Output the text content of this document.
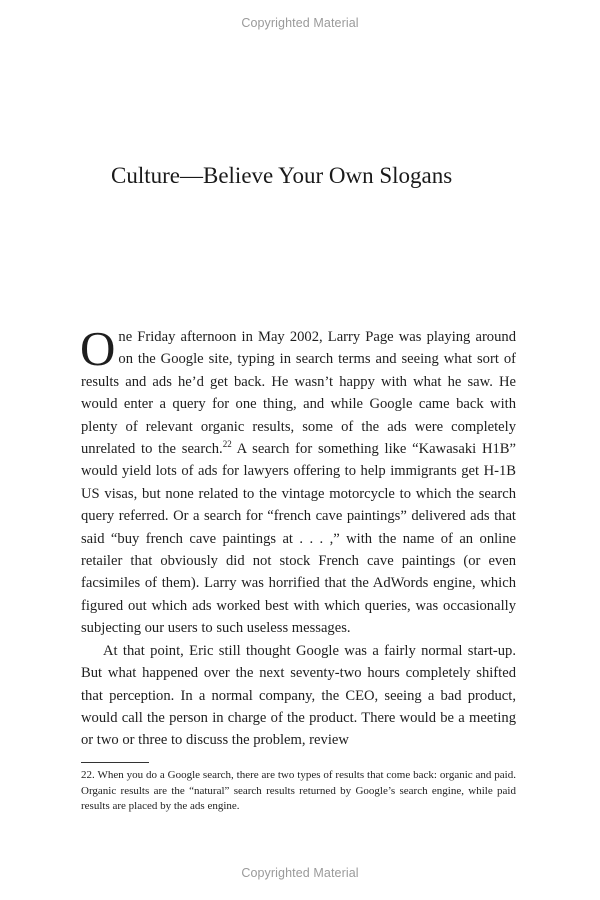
Copyrighted Material
Culture—Believe Your Own Slogans

One Friday afternoon in May 2002, Larry Page was playing around on the Google site, typing in search terms and seeing what sort of results and ads he’d get back. He wasn’t happy with what he saw. He would enter a query for one thing, and while Google came back with plenty of relevant organic results, some of the ads were completely unrelated to the search.$^{22}$ A search for something like “Kawasaki H1B” would yield lots of ads for lawyers offering to help immigrants get H-1B US visas, but none related to the vintage motorcycle to which the search query referred. Or a search for “french cave paintings” delivered ads that said “buy french cave paintings at . . . ,” with the name of an online retailer that obviously did not stock French cave paintings (or even facsimiles of them). Larry was horrified that the AdWords engine, which figured out which ads worked best with which queries, was occasionally subjecting our users to such useless messages.

At that point, Eric still thought Google was a fairly normal start-up. But what happened over the next seventy-two hours completely shifted that perception. In a normal company, the CEO, seeing a bad product, would call the person in charge of the product. There would be a meeting or two or three to discuss the problem, review

22. When you do a Google search, there are two types of results that come back: organic and paid. Organic results are the “natural” search results returned by Google’s search engine, while paid results are placed by the ads engine.

Copyrighted Material
